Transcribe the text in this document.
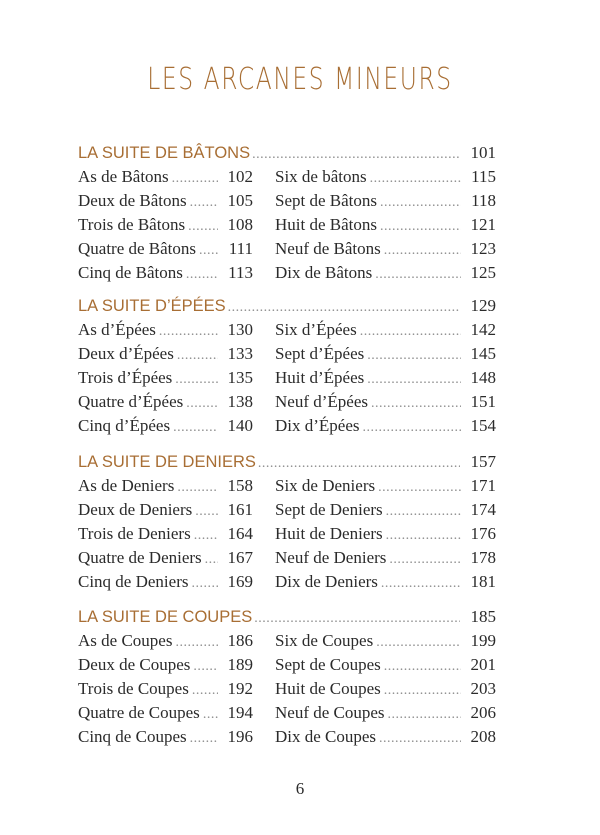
LES ARCANES MINEURS
LA SUITE DE BÂTONS . . .	101
As de Bâtons . . .	102
Deux de Bâtons . . . 105
Trois de Bâtons . . . 108
Quatre de Bâtons . . .	111
Cinq de Bâtons . . .	113
Six de bâtons . . .	115
Sept de Bâtons . . .	118
Huit de Bâtons . . .	121
Neuf de Bâtons . . .	123
Dix de Bâtons . . .	125
LA SUITE D’ÉPÉES . . .	129
As d’Épées . . .	130
Deux d’Épées . . .	133
Trois d’Épées . . .	135
Quatre d’Épées . . .	138
Cinq d’Épées . . .	140
Six d’Épées . . .	142
Sept d’Épées . . .	145
Huit d’Épées . . .	148
Neuf d’Épées . . .	151
Dix d’Épées . . .	154
LA SUITE DE DENIERS . . .	157
As de Deniers . . .	158
Deux de Deniers . . . 161
Trois de Deniers . . . 164
Quatre de Deniers . . . 167
Cinq de Deniers . . . 169
Six de Deniers . . .	171
Sept de Deniers . . .	174
Huit de Deniers . . .	176
Neuf de Deniers . . .	178
Dix de Deniers . . .	181
LA SUITE DE COUPES . . .	185
As de Coupes . . .	186
Deux de Coupes . . . 189
Trois de Coupes . . . 192
Quatre de Coupes . . . 194
Cinq de Coupes . . . 196
Six de Coupes . . .	199
Sept de Coupes . . .	201
Huit de Coupes . . .	203
Neuf de Coupes . . .	206
Dix de Coupes . . .	208
6
